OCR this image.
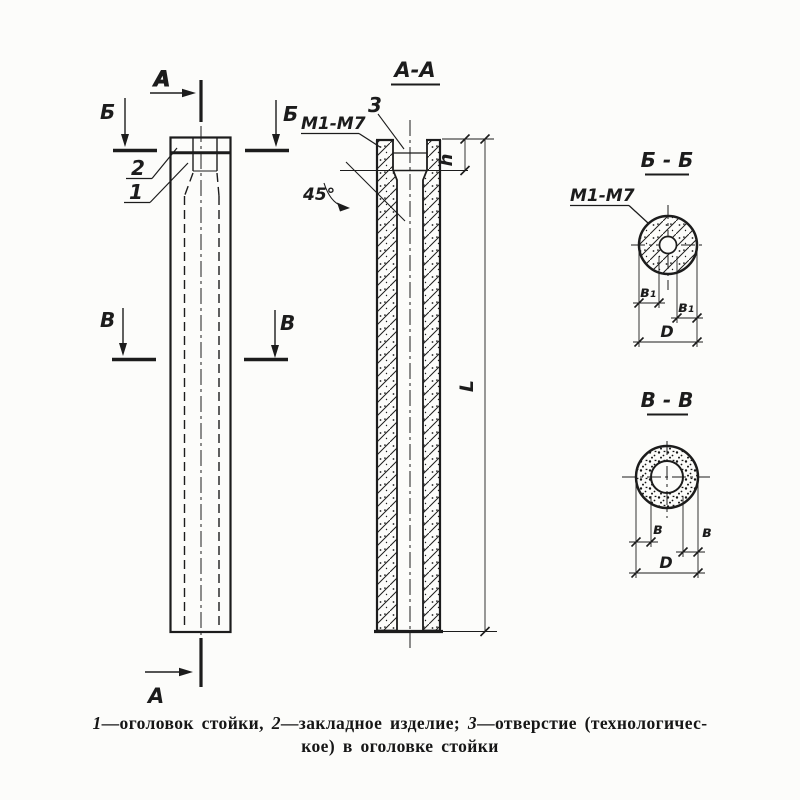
А
А
Б	Б
В	В
2
1
А-А
45°
3
М1-М7
h
L
Б - Б
М1-М7
в₁
в₁
D
В - В
в	в
D
1—оголовок стойки, 2—закладное изделие; 3—отверстие (технологичес-
кое) в оголовке стойки
